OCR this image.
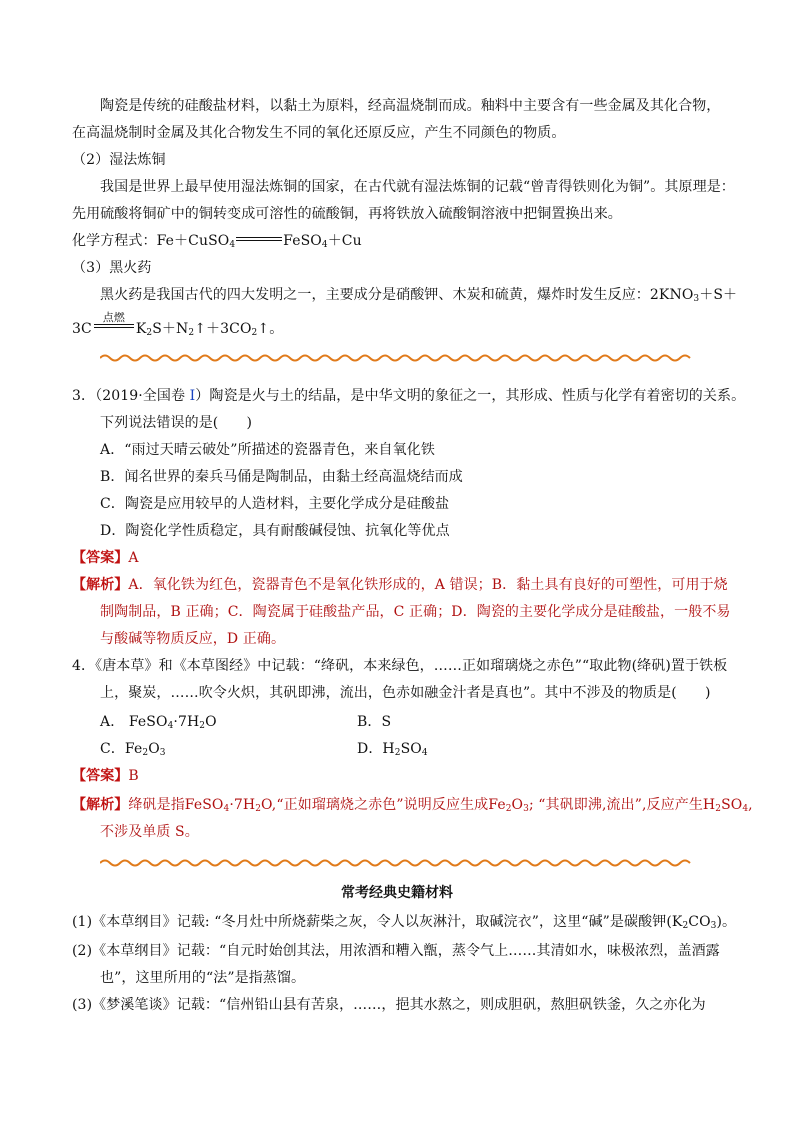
陶瓷是传统的硅酸盐材料，以黏土为原料，经高温烧制而成。釉料中主要含有一些金属及其化合物，
在高温烧制时金属及其化合物发生不同的氧化还原反应，产生不同颜色的物质。
（2）湿法炼铜
我国是世界上最早使用湿法炼铜的国家，在古代就有湿法炼铜的记载“曾青得铁则化为铜”。其原理是：
先用硫酸将铜矿中的铜转变成可溶性的硫酸铜，再将铁放入硫酸铜溶液中把铜置换出来。
化学方程式：Fe＋CuSO$_4$	FeSO$_4$＋Cu
（3）黑火药
黑火药是我国古代的四大发明之一，主要成分是硝酸钾、木炭和硫黄，爆炸时发生反应：$2KNO_3+S+$
3C
点燃
$K_2S+N_2↑+3CO_2↑$。
3．（2019·全国卷 Ⅰ）陶瓷是火与土的结晶，是中华文明的象征之一，其形成、性质与化学有着密切的关系。
下列说法错误的是(　　)
A．“雨过天晴云破处”所描述的瓷器青色，来自氧化铁
B．闻名世界的秦兵马俑是陶制品，由黏土经高温烧结而成
C．陶瓷是应用较早的人造材料，主要化学成分是硅酸盐
D．陶瓷化学性质稳定，具有耐酸碱侵蚀、抗氧化等优点
【答案】A
【解析】A．氧化铁为红色，瓷器青色不是氧化铁形成的，A 错误；B．黏土具有良好的可塑性，可用于烧
制陶制品，B 正确；C．陶瓷属于硅酸盐产品，C 正确；D．陶瓷的主要化学成分是硅酸盐，一般不易
与酸碱等物质反应，D 正确。
4．《唐本草》和《本草图经》中记载：“绛矾，本来绿色，……正如瑠璃烧之赤色”“取此物(绛矾)置于铁板
上，聚炭，……吹令火炽，其矾即沸，流出，色赤如融金汁者是真也”。其中不涉及的物质是(　　)
A． $FeSO_4\cdot 7H_2O$	B．S
C．$Fe_2O_3$	D．$H_2SO_4$
【答案】B
【解析】绛矾是指$FeSO_4\cdot 7H_2O,“$正如瑠璃烧之赤色”说明反应生成$Fe_2O_3$; “其矾即沸,流出”,反应产生$H_2SO_4$,
不涉及单质 S。
常考经典史籍材料
(1)《本草纲目》记载: “冬月灶中所烧薪柴之灰，令人以灰淋汁，取碱浣衣”，这里“碱”是碳酸钾$(K_2CO_3)$。
(2)《本草纲目》记载：“自元时始创其法，用浓酒和糟入甑，蒸令气上……其清如水，味极浓烈，盖酒露
也”，这里所用的“法”是指蒸馏。
(3)《梦溪笔谈》记载：“信州铅山县有苦泉，……，挹其水熬之，则成胆矾，熬胆矾铁釜，久之亦化为
